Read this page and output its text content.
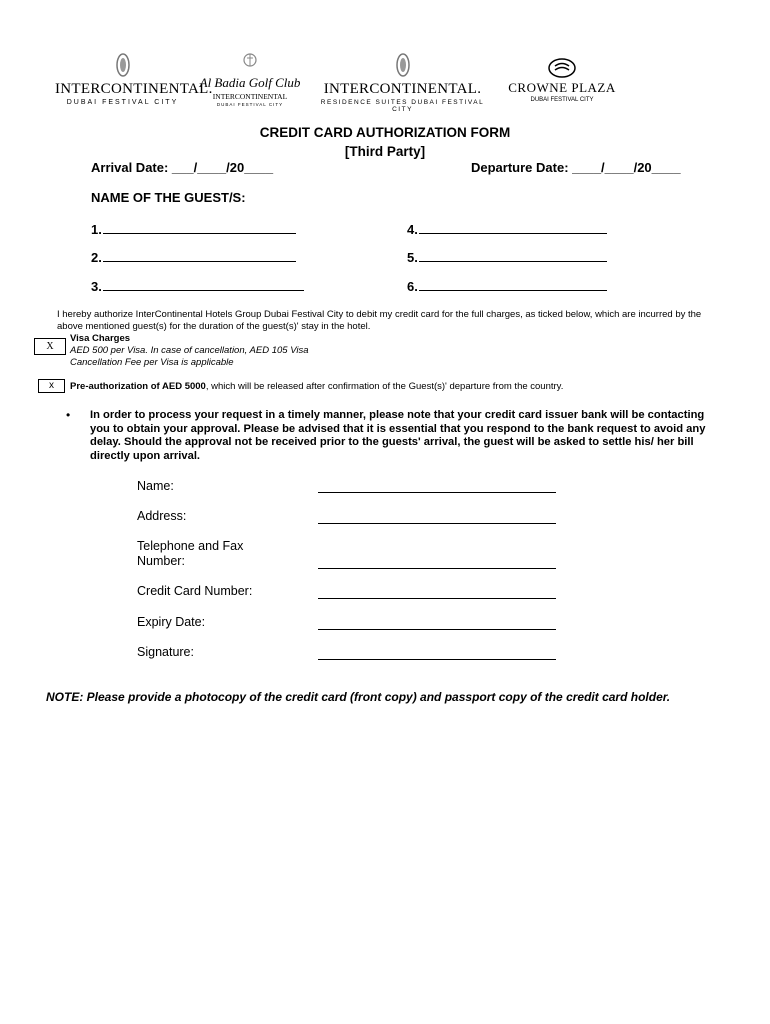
INTERCONTINENTAL.
DUBAI FESTIVAL CITY
Al Badia Golf Club
INTERCONTINENTAL
DUBAI FESTIVAL CITY
INTERCONTINENTAL.
RESIDENCE SUITES DUBAI FESTIVAL CITY
CROWNE PLAZA
DUBAI FESTIVAL CITY
CREDIT CARD AUTHORIZATION FORM
[Third Party]
Arrival Date: ___/____/20____	Departure Date: ____/____/20____
NAME OF THE GUEST/S:
1.
2.
3.
4.
5.
6.
I hereby authorize InterContinental Hotels Group Dubai Festival City to debit my credit card for the full charges, as ticked below, which are incurred by the above mentioned guest(s) for the duration of the guest(s)' stay in the hotel.
X
Visa Charges
AED 500 per Visa. In case of cancellation, AED 105 Visa
Cancellation Fee per Visa is applicable
x	Pre-authorization of AED 5000, which will be released after confirmation of the Guest(s)' departure from the country.
• In order to process your request in a timely manner, please note that your credit card issuer bank will be contacting you to obtain your approval. Please be advised that it is essential that you respond to the bank request to avoid any delay. Should the approval not be received prior to the guests' arrival, the guest will be asked to settle his/ her bill directly upon arrival.
Name:
Address:
Telephone and Fax
Number:
Credit Card Number:
Expiry Date:
Signature:
NOTE: Please provide a photocopy of the credit card (front copy) and passport copy of the credit card holder.
